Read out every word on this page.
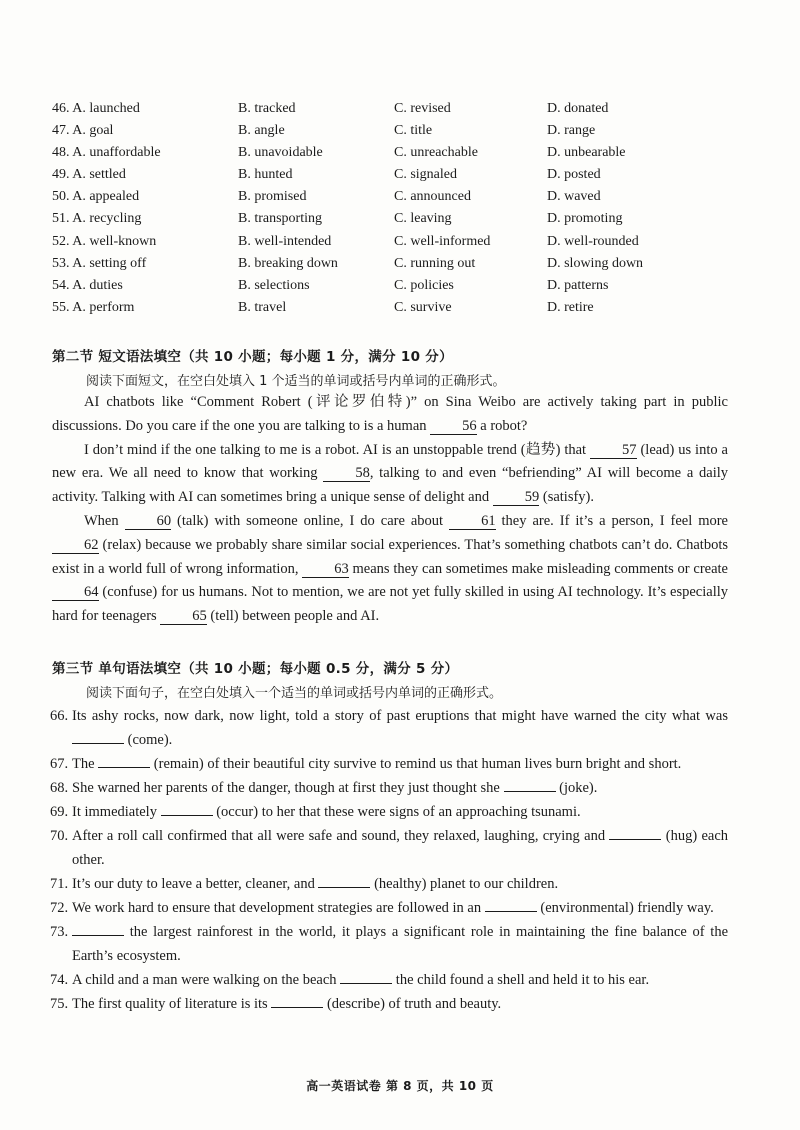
46. A. launched	B. tracked	C. revised	D. donated
47. A. goal	B. angle	C. title	D. range
48. A. unaffordable	B. unavoidable	C. unreachable	D. unbearable
49. A. settled	B. hunted	C. signaled	D. posted
50. A. appealed	B. promised	C. announced	D. waved
51. A. recycling	B. transporting	C. leaving	D. promoting
52. A. well-known	B. well-intended	C. well-informed	D. well-rounded
53. A. setting off	B. breaking down	C. running out	D. slowing down
54. A. duties	B. selections	C. policies	D. patterns
55. A. perform	B. travel	C. survive	D. retire
第二节 短文语法填空（共 10 小题；每小题 1 分，满分 10 分）
阅读下面短文，在空白处填入 1 个适当的单词或括号内单词的正确形式。

AI chatbots like “Comment Robert (评论罗伯特)” on Sina Weibo are actively taking part in public discussions. Do you care if the one you are talking to is a human 56 a robot?

I don’t mind if the one talking to me is a robot. AI is an unstoppable trend (趋势) that 57 (lead) us into a new era. We all need to know that working 58, talking to and even “befriending” AI will become a daily activity. Talking with AI can sometimes bring a unique sense of delight and 59 (satisfy).

When 60 (talk) with someone online, I do care about 61 they are. If it’s a person, I feel more 62 (relax) because we probably share similar social experiences. That’s something chatbots can’t do. Chatbots exist in a world full of wrong information, 63 means they can sometimes make misleading comments or create 64 (confuse) for us humans. Not to mention, we are not yet fully skilled in using AI technology. It’s especially hard for teenagers 65 (tell) between people and AI.

第三节 单句语法填空（共 10 小题；每小题 0.5 分，满分 5 分）
阅读下面句子，在空白处填入一个适当的单词或括号内单词的正确形式。
66. Its ashy rocks, now dark, now light, told a story of past eruptions that might have warned the city what was  (come).
67. The	(remain) of their beautiful city survive to remind us that human lives burn bright and short.
68. She warned her parents of the danger, though at first they just thought she	(joke).
69. It immediately	(occur) to her that these were signs of an approaching tsunami.
70. After a roll call confirmed that all were safe and sound, they relaxed, laughing, crying and	(hug) each other.
71. It’s our duty to leave a better, cleaner, and	(healthy) planet to our children.
72. We work hard to ensure that development strategies are followed in an	(environmental) friendly way.
73.	the largest rainforest in the world, it plays a significant role in maintaining the fine balance of the Earth’s ecosystem.
74. A child and a man were walking on the beach	the child found a shell and held it to his ear.
75. The first quality of literature is its	(describe) of truth and beauty.
高一英语试卷 第 8 页，共 10 页
